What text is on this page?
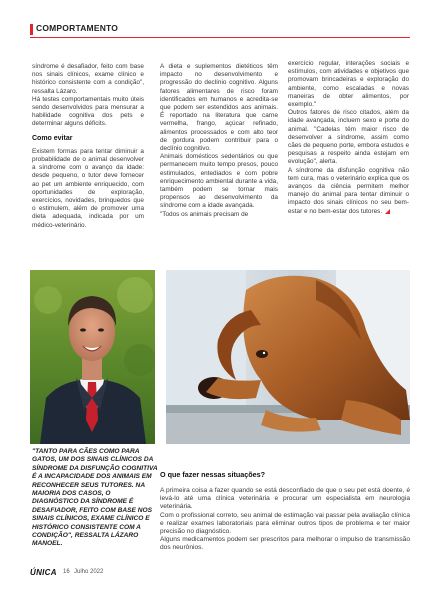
COMPORTAMENTO

síndrome é desafiador, feito com base nos sinais clínicos, exame clínico e histórico consistente com a condição", ressalta Lázaro.

Há testes comportamentais muito úteis sendo desenvolvidos para mensurar a habilidade cognitiva dos pets e determinar alguns déficits.

Como evitar

Existem formas para tentar diminuir a probabilidade de o animal desenvolver a síndrome com o avanço da idade: desde pequeno, o tutor deve fornecer ao pet um ambiente enriquecido, com oportunidades de exploração, exercícios, novidades, brinquedos que o estimulem, além de promover uma dieta adequada, indicada por um médico-veterinário.

A dieta e suplementos dietéticos têm impacto no desenvolvimento e progressão do declínio cognitivo. Alguns fatores alimentares de risco foram identificados em humanos e acredita-se que podem ser estendidos aos animais. É reportado na literatura que carne vermelha, frango, açúcar refinado, alimentos processados e com alto teor de gordura podem contribuir para o declínio cognitivo.

Animais domésticos sedentários ou que permanecem muito tempo presos, pouco estimulados, entediados e com pobre enriquecimento ambiental durante a vida, também podem se tornar mais propensos ao desenvolvimento da síndrome com a idade avançada.

"Todos os animais precisam de

exercício regular, interações sociais e estímulos, com atividades e objetivos que promovam brincadeiras e exploração do ambiente, como escaladas e novas maneiras de obter alimentos, por exemplo."

Outros fatores de risco citados, além da idade avançada, incluem sexo e porte do animal. "Cadelas têm maior risco de desenvolver a síndrome, assim como cães de pequeno porte, embora estudos e pesquisas a respeito ainda estejam em evolução", alerta.

A síndrome da disfunção cognitiva não tem cura, mas o veterinário explica que os avanços da ciência permitem melhor manejo do animal para tentar diminuir o impacto dos sinais clínicos no seu bem-estar e no bem-estar dos tutores.

"TANTO PARA CÃES COMO PARA GATOS, UM DOS SINAIS CLÍNICOS DA SÍNDROME DA DISFUNÇÃO COGNITIVA É A INCAPACIDADE DOS ANIMAIS EM RECONHECER SEUS TUTORES. NA MAIORIA DOS CASOS, O DIAGNÓSTICO DA SÍNDROME É DESAFIADOR, FEITO COM BASE NOS SINAIS CLÍNICOS, EXAME CLÍNICO E HISTÓRICO CONSISTENTE COM A CONDIÇÃO", RESSALTA LÁZARO MANOEL.

O que fazer nessas situações?

A primeira coisa a fazer quando se está desconfiado de que o seu pet está doente, é levá-lo até uma clínica veterinária e procurar um especialista em neurologia veterinária.

Com o profissional correto, seu animal de estimação vai passar pela avaliação clínica e realizar exames laboratoriais para eliminar outros tipos de problema e ter maior precisão no diagnóstico.

Alguns medicamentos podem ser prescritos para melhorar o impulso de transmissão dos neurônios.

ÚNICA 16 Julho 2022
